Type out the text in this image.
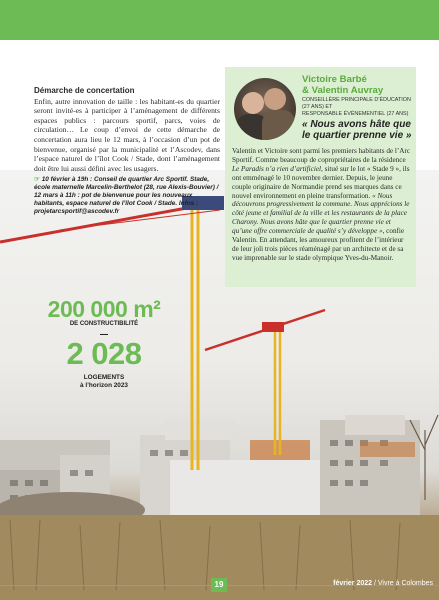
Démarche de concertation

Enfin, autre innovation de taille : les habitant-es du quartier seront invité-es à participer à l’aménagement de différents espaces publics : parcours sportif, parcs, voies de circulation… Le coup d’envoi de cette démarche de concertation aura lieu le 12 mars, à l’occasion d’un pot de bienvenue, organisé par la municipalité et l’Ascodev, dans l’espace naturel de l’îlot Cook / Stade, dont l’aménagement doit être lui aussi défini avec les usagers.

☞ 10 février à 19h : Conseil de quartier Arc Sportif. Stade, école maternelle Marcelin-Berthelot (28, rue Alexis-Bouvier) / 12 mars à 11h : pot de bienvenue pour les nouveaux habitants, espace naturel de l’îlot Cook / Stade. Infos : projetarcsportif@ascodev.fr
Victoire Barbé
& Valentin Auvray
CONSEILLÈRE PRINCIPALE D’ÉDUCATION (27 ANS) ET
RESPONSABLE ÉVÉNEMENTIEL (27 ANS)
« Nous avons hâte que le quartier prenne vie »
Valentin et Victoire sont parmi les premiers habitants de l’Arc Sportif. Comme beaucoup de copropriétaires de la résidence Le Paradis n’a rien d’artificiel, situé sur le lot « Stade 9 », ils ont emménagé le 10 novembre dernier. Depuis, le jeune couple originaire de Normandie prend ses marques dans ce nouvel environnement en pleine transformation. « Nous découvrons progressivement la commune. Nous apprécions le côté jeune et familial de la ville et les restaurants de la place Charony. Nous avons hâte que le quartier prenne vie et qu’une offre commerciale de qualité s’y développe », confie Valentin. En attendant, les amoureux profitent de l’intérieur de leur joli trois pièces réaménagé par un architecte et de sa vue imprenable sur le stade olympique Yves-du-Manoir.
200 000 m²
DE CONSTRUCTIBILITÉ
2 028
LOGEMENTS
à l’horizon 2023
19	février 2022 / Vivre à Colombes
